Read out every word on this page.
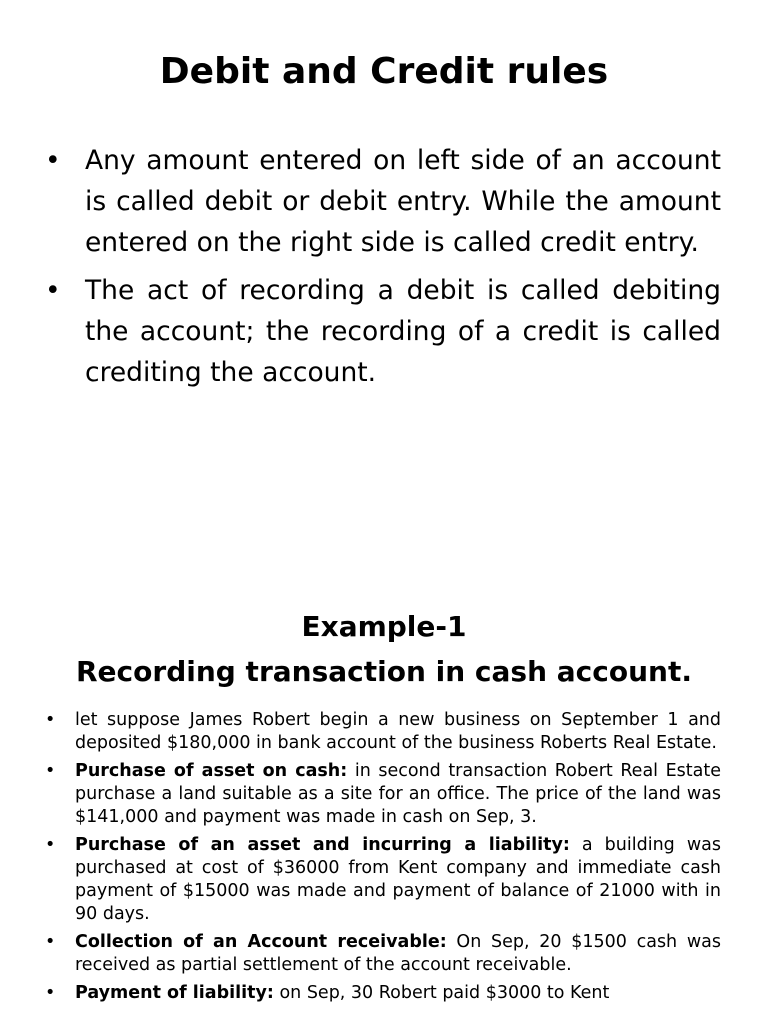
Debit and Credit rules
• Any amount entered on left side of an account is called debit or debit entry. While the amount entered on the right side is called credit entry.
• The act of recording a debit is called debiting the account; the recording of a credit is called crediting the account.
Example-1
Recording transaction in cash account.
• let suppose James Robert begin a new business on September 1 and deposited $180,000 in bank account of the business Roberts Real Estate.
• Purchase of asset on cash: in second transaction Robert Real Estate purchase a land suitable as a site for an office. The price of the land was $141,000 and payment was made in cash on Sep, 3.
• Purchase of an asset and incurring a liability: a building was purchased at cost of $36000 from Kent company and immediate cash payment of $15000 was made and payment of balance of 21000 with in 90 days.
• Collection of an Account receivable: On Sep, 20 $1500 cash was received as partial settlement of the account receivable.
• Payment of liability: on Sep, 30 Robert paid $3000 to Kent
